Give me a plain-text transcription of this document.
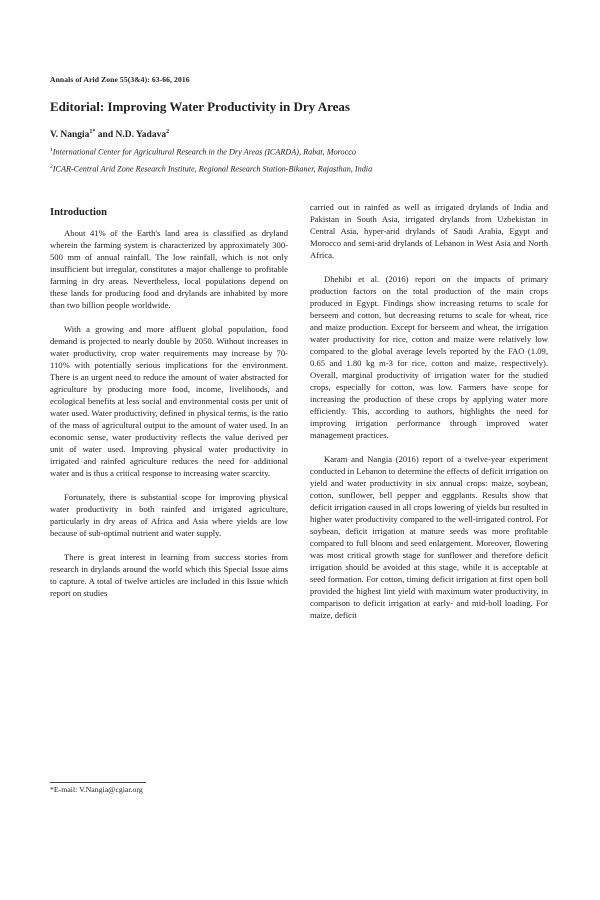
Annals of Arid Zone 55(3&4): 63-66, 2016
Editorial: Improving Water Productivity in Dry Areas
V. Nangia$^{1*}$ and N.D. Yadava$^2$
$^1$International Center for Agricultural Research in the Dry Areas (ICARDA), Rabat, Morocco
$^2$ICAR-Central Arid Zone Research Institute, Regional Research Station-Bikaner, Rajasthan, India
Introduction

About 41% of the Earth's land area is classified as dryland wherein the farming system is characterized by approximately 300-500 mm of annual rainfall. The low rainfall, which is not only insufficient but irregular, constitutes a major challenge to profitable farming in dry areas. Nevertheless, local populations depend on these lands for producing food and drylands are inhabited by more than two billion people worldwide.

With a growing and more affluent global population, food demand is projected to nearly double by 2050. Without increases in water productivity, crop water requirements may increase by 70-110% with potentially serious implications for the environment. There is an urgent need to reduce the amount of water abstracted for agriculture by producing more food, income, livelihoods, and ecological benefits at less social and environmental costs per unit of water used. Water productivity, defined in physical terms, is the ratio of the mass of agricultural output to the amount of water used. In an economic sense, water productivity reflects the value derived per unit of water used. Improving physical water productivity in irrigated and rainfed agriculture reduces the need for additional water and is thus a critical response to increasing water scarcity.

Fortunately, there is substantial scope for improving physical water productivity in both rainfed and irrigated agriculture, particularly in dry areas of Africa and Asia where yields are low because of sub-optimal nutrient and water supply.

There is great interest in learning from success stories from research in drylands around the world which this Special Issue aims to capture. A total of twelve articles are included in this Issue which report on studies

carried out in rainfed as well as irrigated drylands of India and Pakistan in South Asia, irrigated drylands from Uzbekistan in Central Asia, hyper-arid drylands of Saudi Arabia, Egypt and Morocco and semi-arid drylands of Lebanon in West Asia and North Africa.

Dhehibi et al. (2016) report on the impacts of primary production factors on the total production of the main crops produced in Egypt. Findings show increasing returns to scale for berseem and cotton, but decreasing returns to scale for wheat, rice and maize production. Except for berseem and wheat, the irrigation water productivity for rice, cotton and maize were relatively low compared to the global average levels reported by the FAO (1.09, 0.65 and 1.80 kg m-3 for rice, cotton and maize, respectively). Overall, marginal productivity of irrigation water for the studied crops, especially for cotton, was low. Farmers have scope for increasing the production of these crops by applying water more efficiently. This, according to authors, highlights the need for improving irrigation performance through improved water management practices.

Karam and Nangia (2016) report of a twelve-year experiment conducted in Lebanon to determine the effects of deficit irrigation on yield and water productivity in six annual crops: maize, soybean, cotton, sunflower, bell pepper and eggplants. Results show that deficit irrigation caused in all crops lowering of yields but resulted in higher water productivity compared to the well-irrigated control. For soybean, deficit irrigation at mature seeds was more profitable compared to full bloom and seed enlargement. Moreover, flowering was most critical growth stage for sunflower and therefore deficit irrigation should be avoided at this stage, while it is acceptable at seed formation. For cotton, timing deficit irrigation at first open boll provided the highest lint yield with maximum water productivity, in comparison to deficit irrigation at early- and mid-boll loading. For maize, deficit

*E-mail: V.Nangia@cgiar.org
